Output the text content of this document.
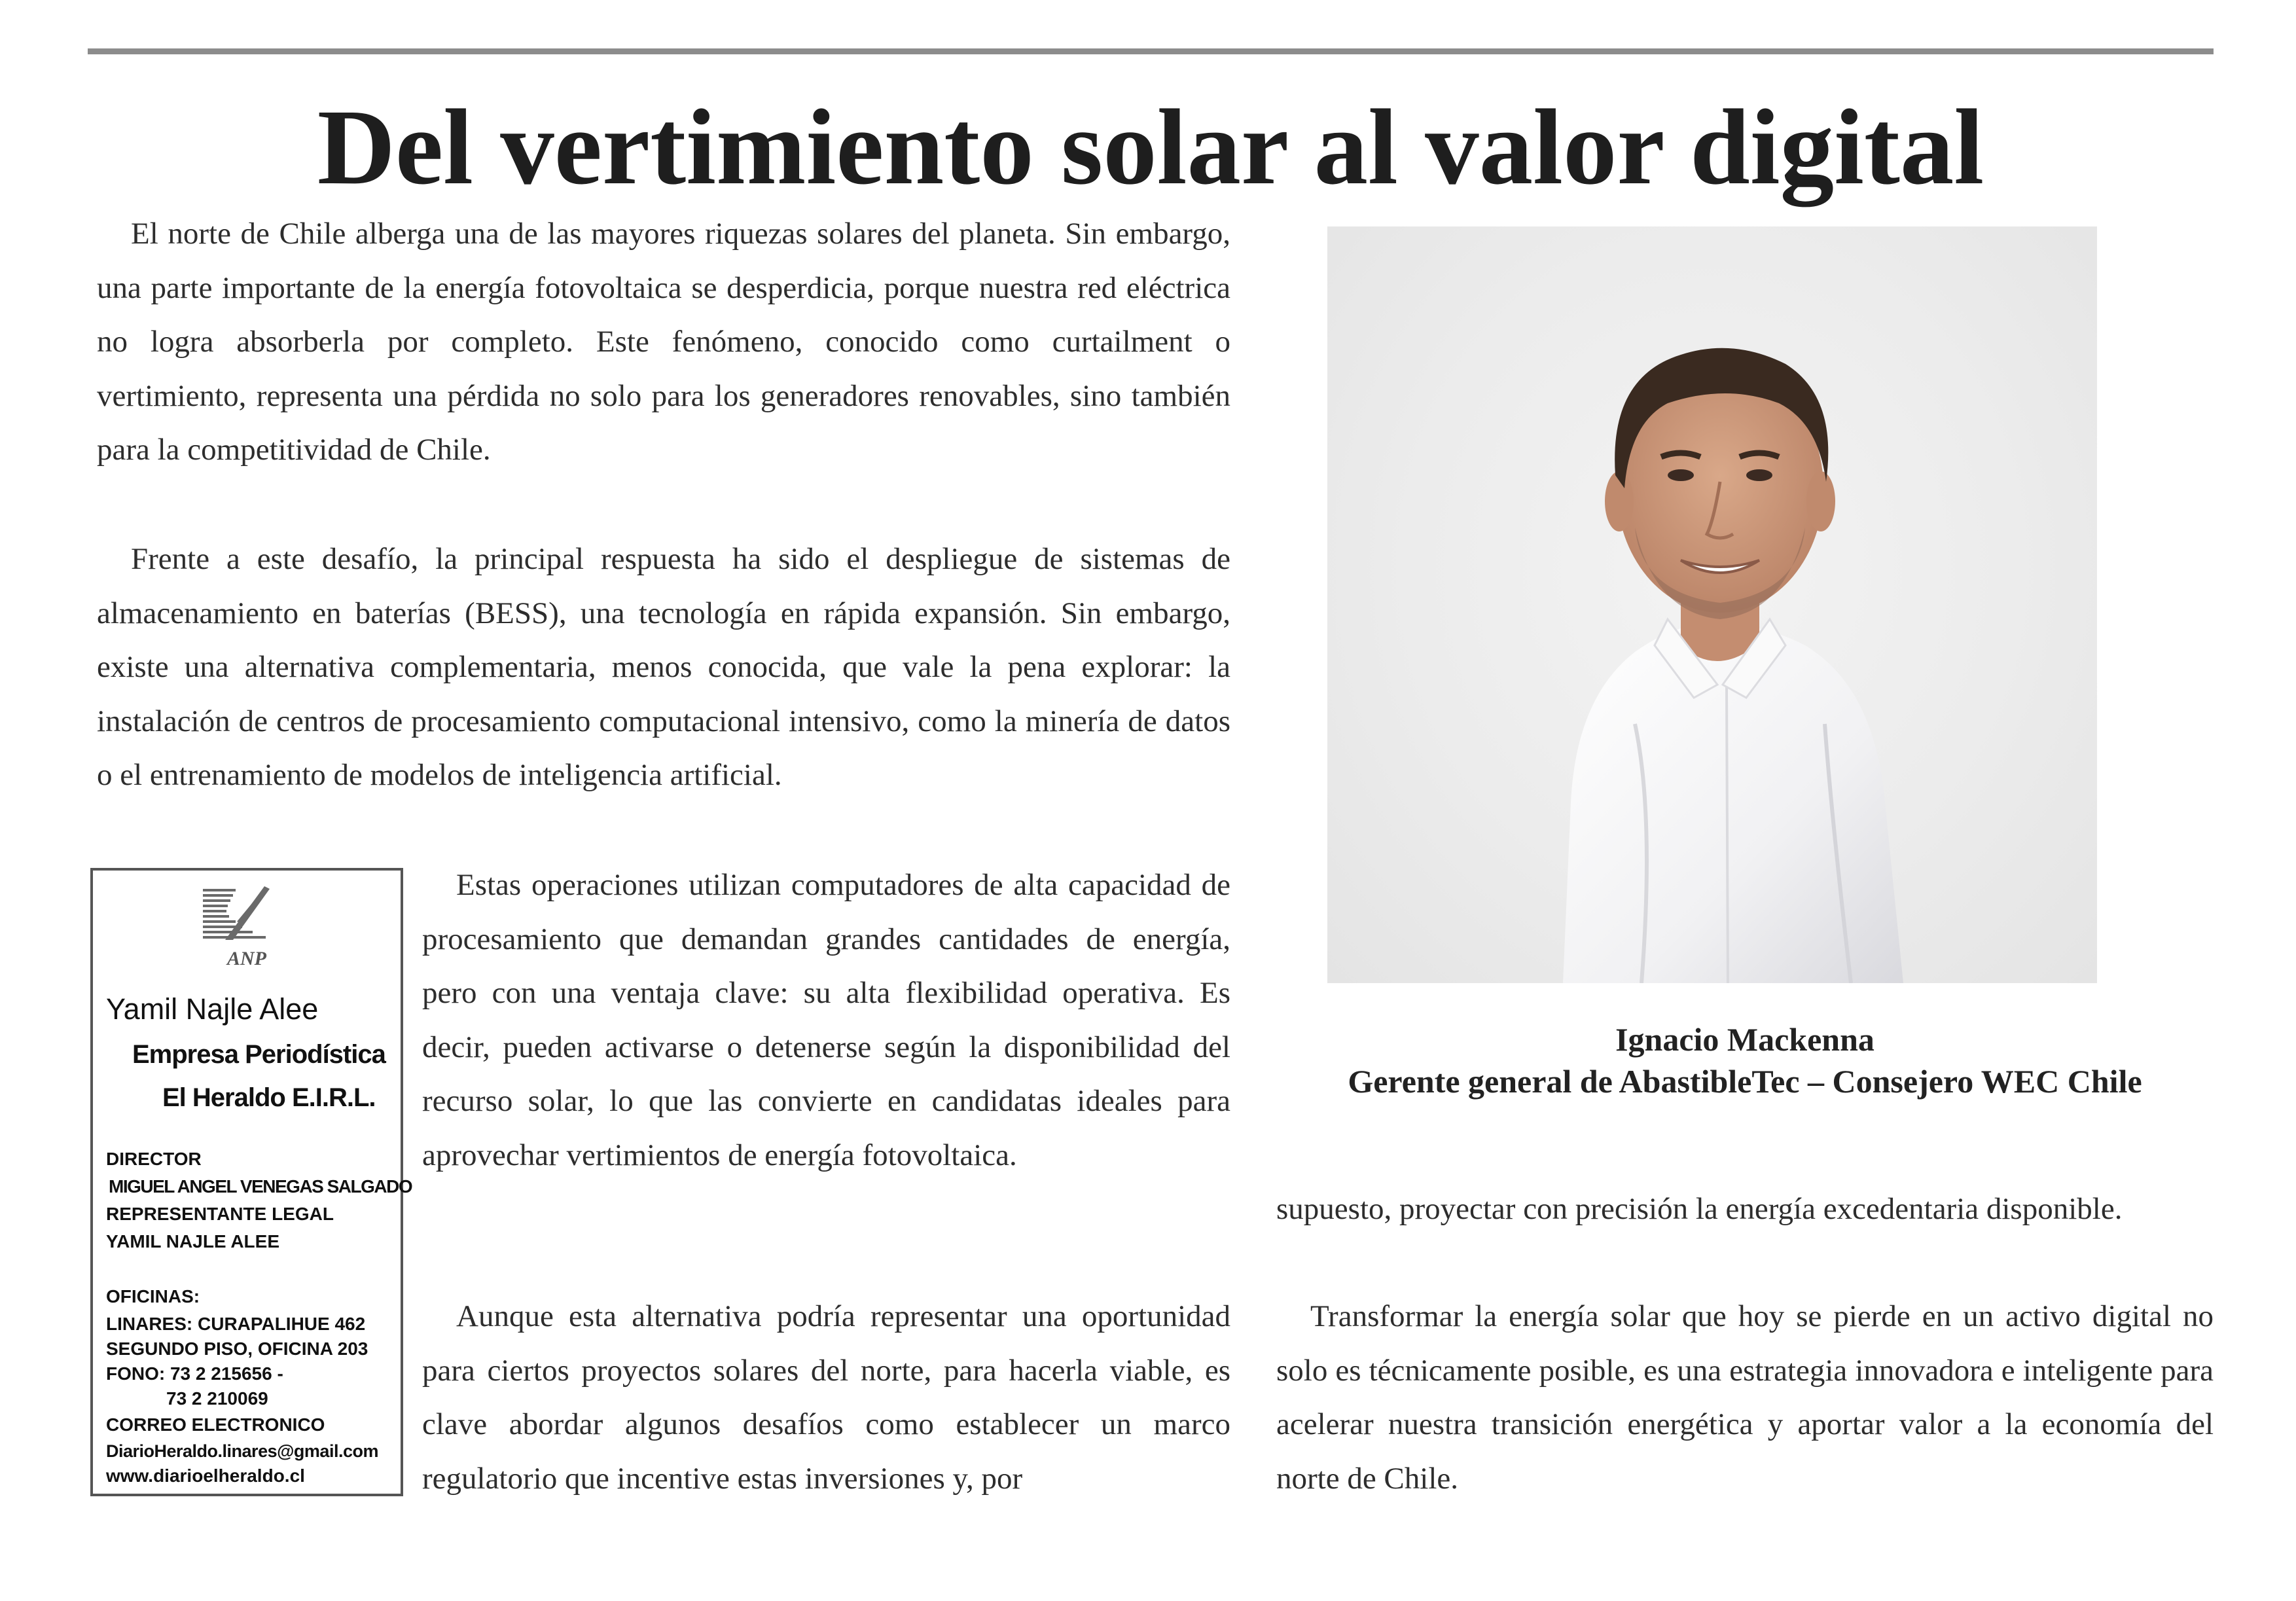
Del vertimiento solar al valor digital

El norte de Chile alberga una de las mayores riquezas solares del planeta. Sin embargo, una parte importante de la energía fotovoltaica se desperdicia, porque nuestra red eléctrica no logra absorberla por completo. Este fenómeno, conocido como curtailment o vertimiento, representa una pérdida no solo para los generadores renovables, sino también para la competitividad de Chile.

Frente a este desafío, la principal respuesta ha sido el despliegue de sistemas de almacenamiento en baterías (BESS), una tecnología en rápida expansión. Sin embargo, existe una alternativa complementaria, menos conocida, que vale la pena explorar: la instalación de centros de procesamiento computacional intensivo, como la minería de datos o el entrenamiento de modelos de inteligencia artificial.

ANP
Yamil Najle Alee
Empresa Periodística
El Heraldo E.I.R.L.
DIRECTOR
MIGUEL ANGEL VENEGAS SALGADO
REPRESENTANTE LEGAL
YAMIL NAJLE ALEE
OFICINAS:
LINARES: CURAPALIHUE 462
SEGUNDO PISO, OFICINA 203
FONO: 73 2 215656 -
73 2 210069
CORREO ELECTRONICO
DiarioHeraldo.linares@gmail.com
www.diarioelheraldo.cl

Estas operaciones utilizan computadores de alta capacidad de procesamiento que demandan grandes cantidades de energía, pero con una ventaja clave: su alta flexibilidad operativa. Es decir, pueden activarse o detenerse según la disponibilidad del recurso solar, lo que las convierte en candidatas ideales para aprovechar vertimientos de energía fotovoltaica.

Aunque esta alternativa podría representar una oportunidad para ciertos proyectos solares del norte, para hacerla viable, es clave abordar algunos desafíos como establecer un marco regulatorio que incentive estas inversiones y, por

Ignacio Mackenna
Gerente general de AbastibleTec – Consejero WEC Chile

supuesto, proyectar con precisión la energía excedentaria disponible.

Transformar la energía solar que hoy se pierde en un activo digital no solo es técnicamente posible, es una estrategia innovadora e inteligente para acelerar nuestra transición energética y aportar valor a la economía del norte de Chile.
